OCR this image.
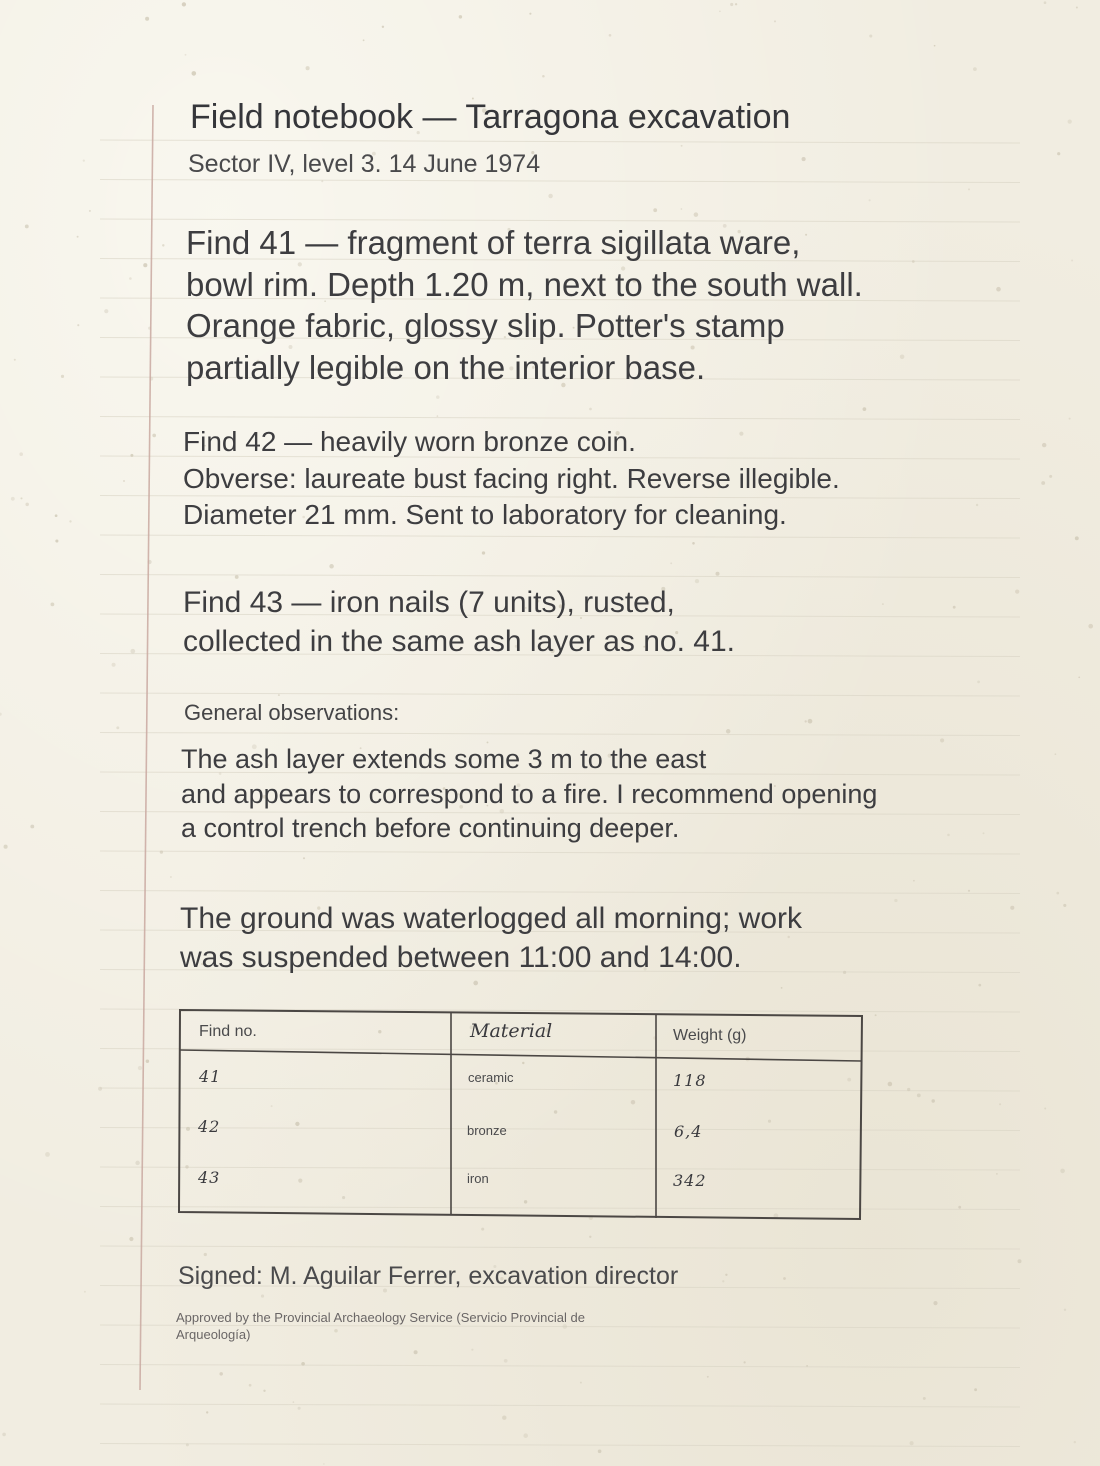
Field notebook — Tarragona excavation

Sector IV, level 3. 14 June 1974

Find 41 — fragment of terra sigillata ware,
bowl rim. Depth 1.20 m, next to the south wall.
Orange fabric, glossy slip. Potter's stamp
partially legible on the interior base.

Find 42 — heavily worn bronze coin.
Obverse: laureate bust facing right. Reverse illegible.
Diameter 21 mm. Sent to laboratory for cleaning.

Find 43 — iron nails (7 units), rusted,
collected in the same ash layer as no. 41.

General observations:

The ash layer extends some 3 m to the east
and appears to correspond to a fire. I recommend opening
a control trench before continuing deeper.

The ground was waterlogged all morning; work
was suspended between 11:00 and 14:00.

Find no.	Material	Weight (g)
41	ceramic	118
42	bronze	6,4
43	iron	342

Signed: M. Aguilar Ferrer, excavation director

Approved by the Provincial Archaeology Service (Servicio Provincial de Arqueología)
